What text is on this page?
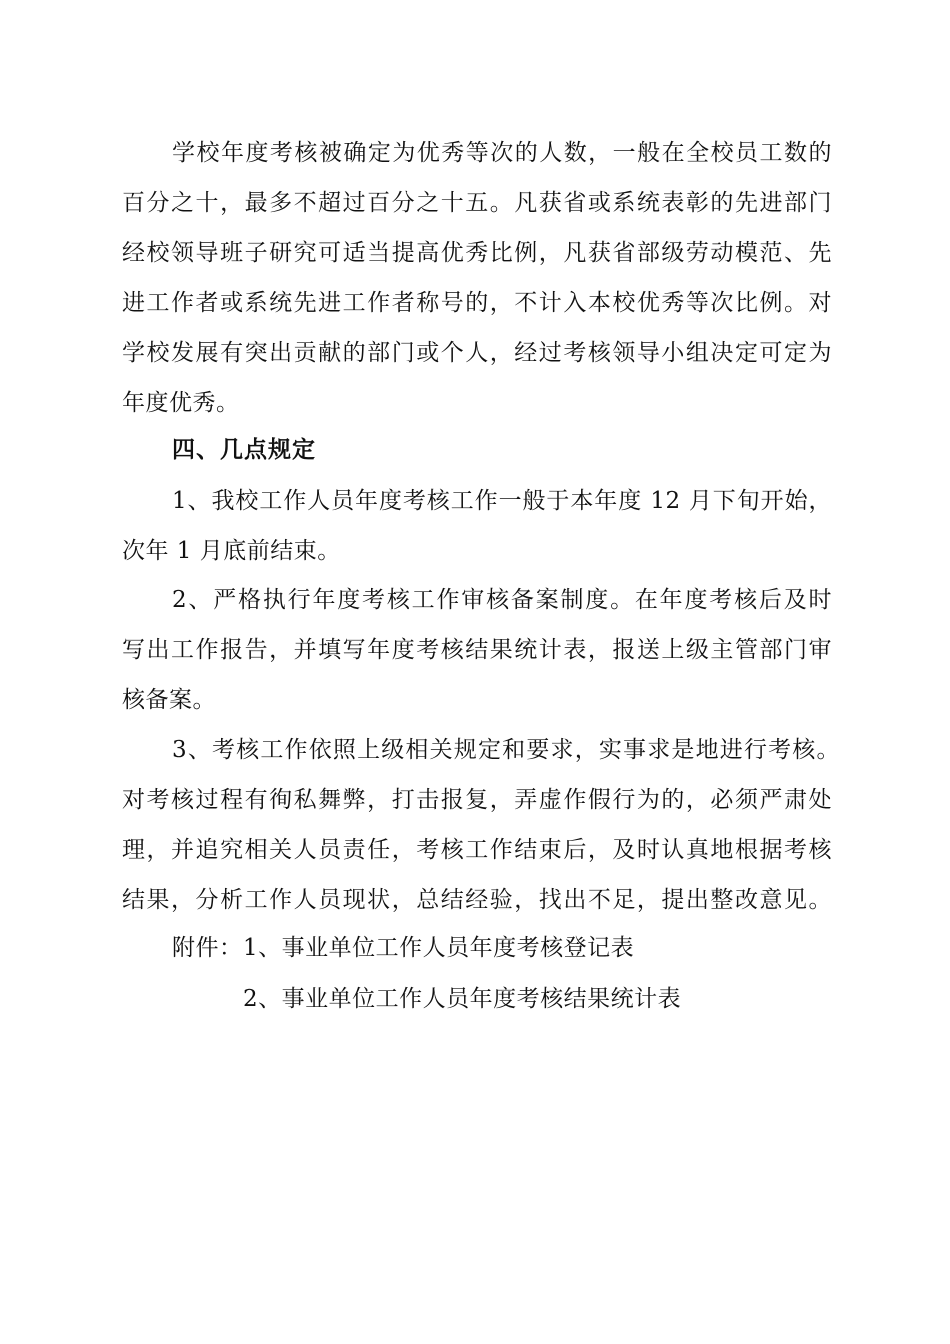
学校年度考核被确定为优秀等次的人数，一般在全校员工数的
百分之十，最多不超过百分之十五。凡获省或系统表彰的先进部门
经校领导班子研究可适当提高优秀比例，凡获省部级劳动模范、先
进工作者或系统先进工作者称号的，不计入本校优秀等次比例。对
学校发展有突出贡献的部门或个人，经过考核领导小组决定可定为
年度优秀。
四、几点规定
1、我校工作人员年度考核工作一般于本年度 12 月下旬开始，
次年 1 月底前结束。
2、严格执行年度考核工作审核备案制度。在年度考核后及时
写出工作报告，并填写年度考核结果统计表，报送上级主管部门审
核备案。
3、考核工作依照上级相关规定和要求，实事求是地进行考核。
对考核过程有徇私舞弊，打击报复，弄虚作假行为的，必须严肃处
理，并追究相关人员责任，考核工作结束后，及时认真地根据考核
结果，分析工作人员现状，总结经验，找出不足，提出整改意见。
附件： 1、事业单位工作人员年度考核登记表
2、事业单位工作人员年度考核结果统计表
